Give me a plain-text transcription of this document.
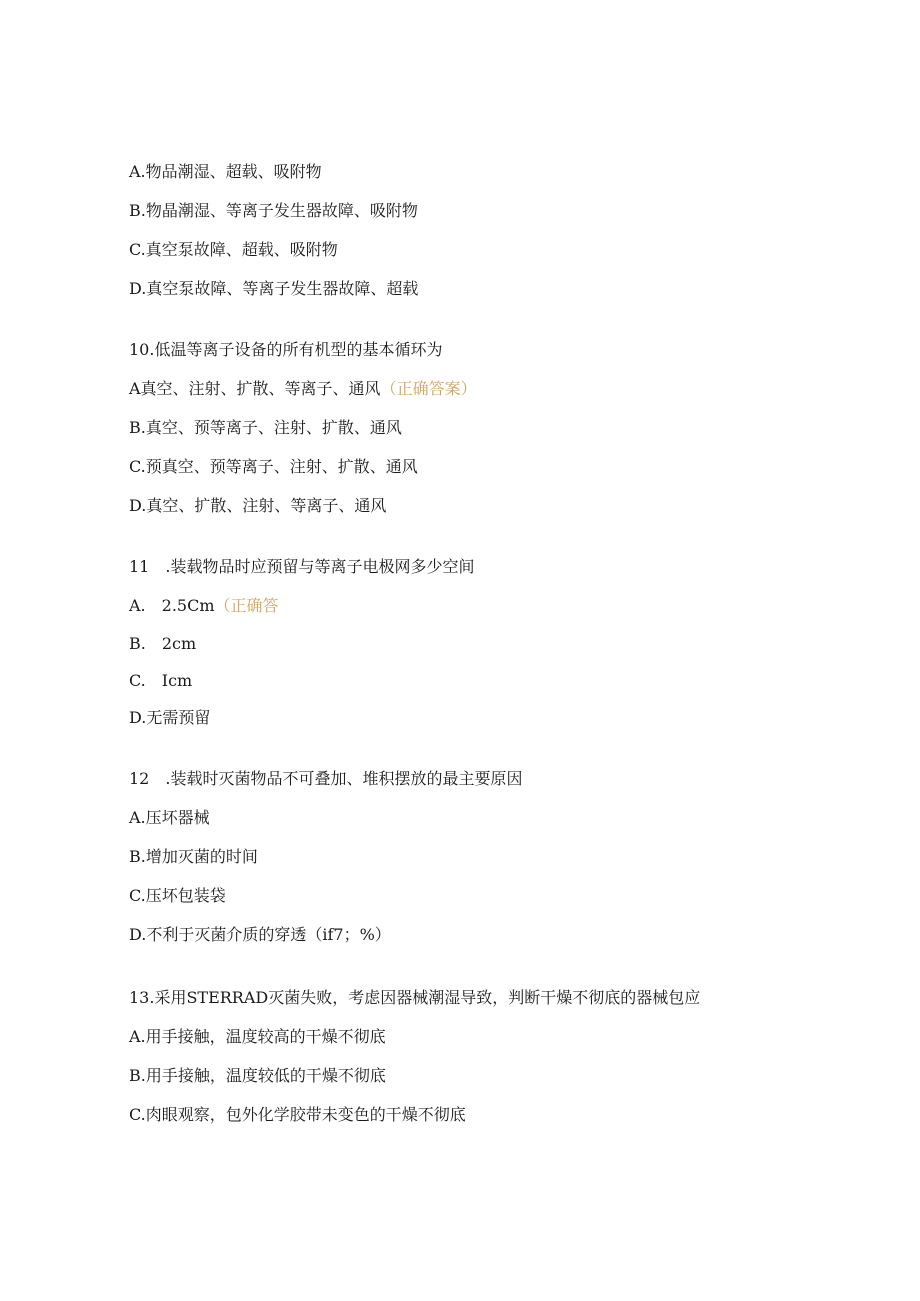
A.物品潮湿、超载、吸附物
B.物晶潮湿、等离子发生器故障、吸附物
C.真空泵故障、超载、吸附物
D.真空泵故障、等离子发生器故障、超载
10.低温等离子设备的所有机型的基本循环为
A真空、注射、扩散、等离子、通风（正确答案）
B.真空、预等离子、注射、扩散、通风
C.预真空、预等离子、注射、扩散、通风
D.真空、扩散、注射、等离子、通风
11　.装载物品时应预留与等离子电极网多少空间
A.　2.5Cm（正确答
B.　2cm
C.　Icm
D.无需预留
12　.装载时灭菌物品不可叠加、堆积摆放的最主要原因
A.压坏器械
B.增加灭菌的时间
C.压坏包装袋
D.不利于灭菌介质的穿透（if7；%）
13.采用STERRAD灭菌失败，考虑因器械潮湿导致，判断干燥不彻底的器械包应
A.用手接触，温度较高的干燥不彻底
B.用手接触，温度较低的干燥不彻底
C.肉眼观察，包外化学胶带未变色的干燥不彻底
